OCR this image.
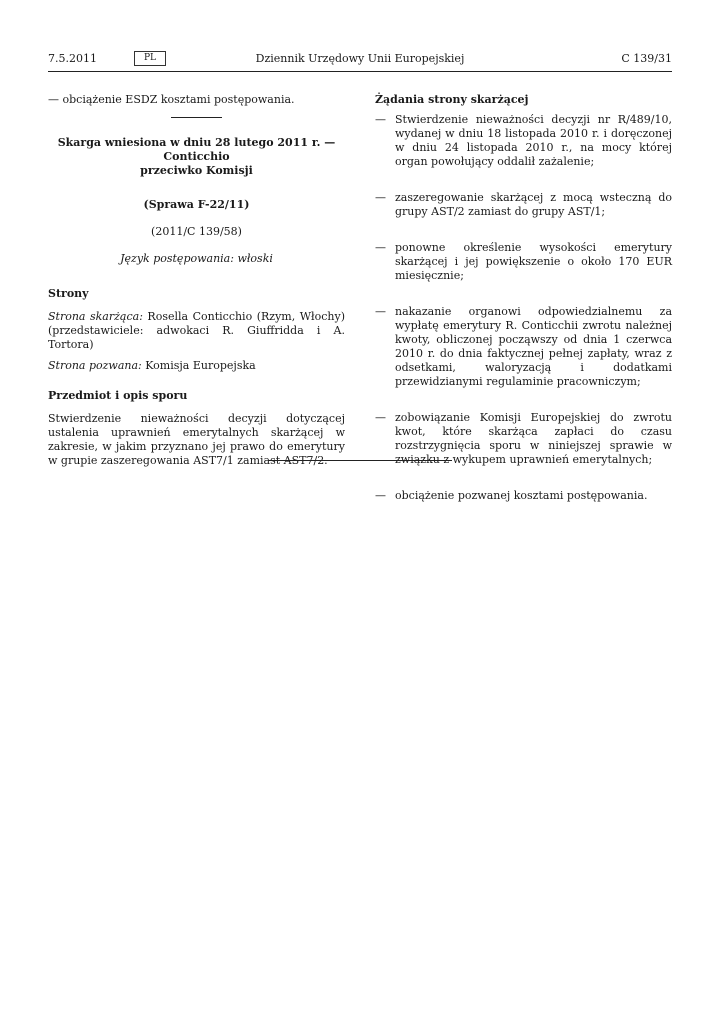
7.5.2011	PL	Dziennik Urzędowy Unii Europejskiej	C 139/31

— obciążenie ESDZ kosztami postępowania.

Skarga wniesiona w dniu 28 lutego 2011 r. — Conticchio
przeciwko Komisji

(Sprawa F-22/11)

(2011/C 139/58)

Język postępowania: włoski

Strony

Strona skarżąca: Rosella Conticchio (Rzym, Włochy) (przedstawiciele: adwokaci R. Giuffridda i A. Tortora)

Strona pozwana: Komisja Europejska

Przedmiot i opis sporu

Stwierdzenie nieważności decyzji dotyczącej ustalenia uprawnień emerytalnych skarżącej w zakresie, w jakim przyznano jej prawo do emerytury w grupie zaszeregowania AST7/1 zamiast AST7/2.

Żądania strony skarżącej

— Stwierdzenie nieważności decyzji nr R/489/10, wydanej w dniu 18 listopada 2010 r. i doręczonej w dniu 24 listopada 2010 r., na mocy której organ powołujący oddalił zażalenie;
— zaszeregowanie skarżącej z mocą wsteczną do grupy AST/2 zamiast do grupy AST/1;
— ponowne określenie wysokości emerytury skarżącej i jej powiększenie o około 170 EUR miesięcznie;
— nakazanie organowi odpowiedzialnemu za wypłatę emerytury R. Conticchii zwrotu należnej kwoty, obliczonej począwszy od dnia 1 czerwca 2010 r. do dnia faktycznej pełnej zapłaty, wraz z odsetkami, waloryzacją i dodatkami przewidzianymi regulaminie pracowniczym;
— zobowiązanie Komisji Europejskiej do zwrotu kwot, które skarżąca zapłaci do czasu rozstrzygnięcia sporu w niniejszej sprawie w związku z wykupem uprawnień emerytalnych;
— obciążenie pozwanej kosztami postępowania.
